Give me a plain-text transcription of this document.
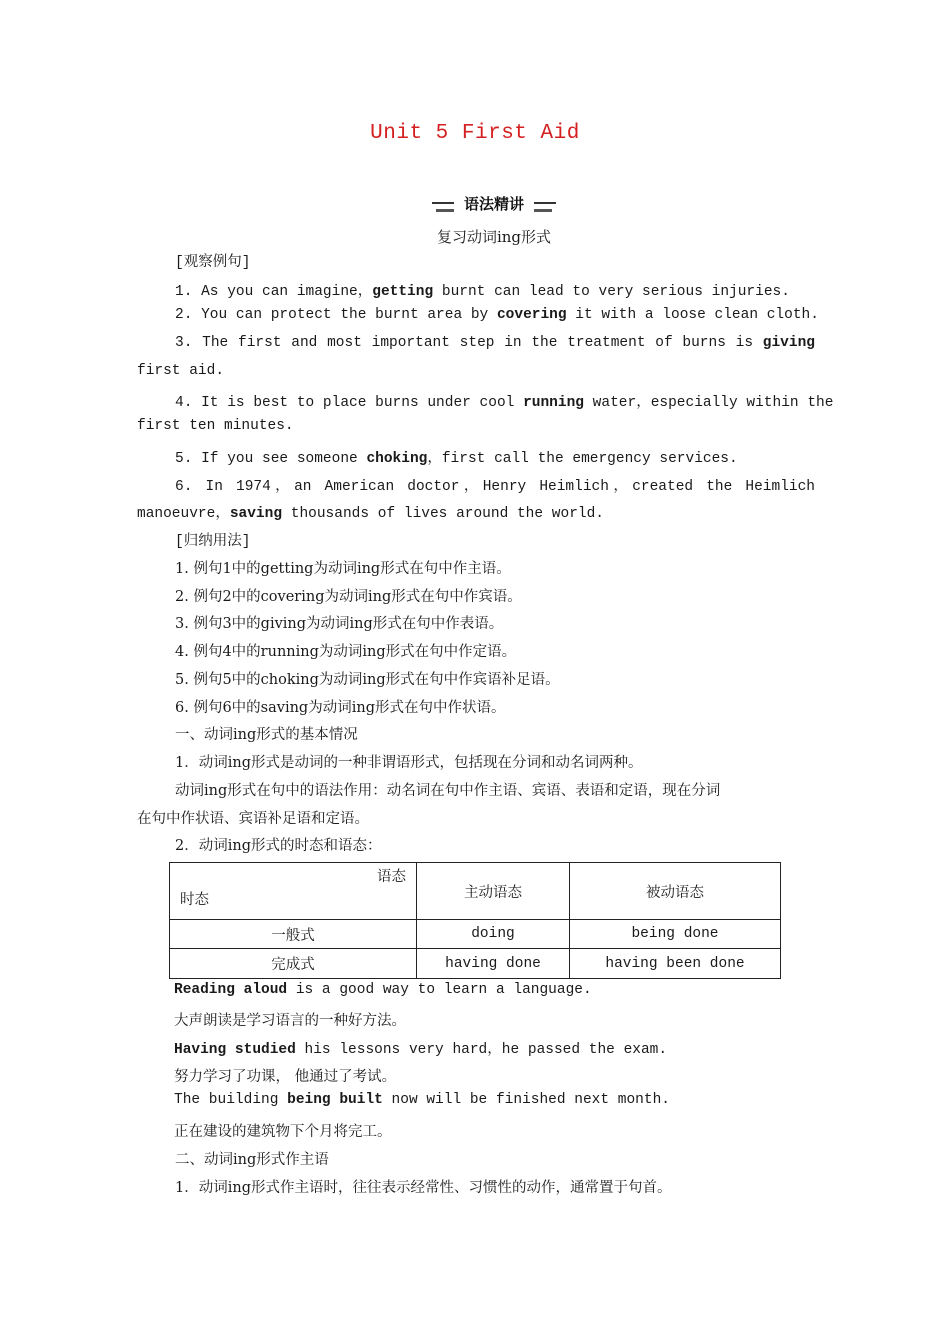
Unit 5 First Aid
语法精讲
复习动词ing形式
[观察例句]
1. As you can imagine，getting burnt can lead to very serious injuries.
2. You can protect the burnt area by covering it with a loose clean cloth.
3. The first and most important step in the treatment of burns is giving
first aid.
4. It is best to place burns under cool running water，especially within the
first ten minutes.
5. If you see someone choking，first call the emergency services.
6. In 1974，an American doctor，Henry Heimlich，created the Heimlich
manoeuvre，saving thousands of lives around the world.
[归纳用法]
1. 例句1中的getting为动词ing形式在句中作主语。
2. 例句2中的covering为动词ing形式在句中作宾语。
3. 例句3中的giving为动词ing形式在句中作表语。
4. 例句4中的running为动词ing形式在句中作定语。
5. 例句5中的choking为动词ing形式在句中作宾语补足语。
6. 例句6中的saving为动词ing形式在句中作状语。
一、动词ing形式的基本情况
1．动词ing形式是动词的一种非谓语形式，包括现在分词和动名词两种。
动词ing形式在句中的语法作用：动名词在句中作主语、宾语、表语和定语，现在分词
在句中作状语、宾语补足语和定语。
2．动词ing形式的时态和语态：
语态
时态	主动语态	被动语态
一般式	doing	being done
完成式	having done	having been done
Reading aloud is a good way to learn a language.
大声朗读是学习语言的一种好方法。
Having studied his lessons very hard，he passed the exam.
努力学习了功课， 他通过了考试。
The building being built now will be finished next month.
正在建设的建筑物下个月将完工。
二、动词ing形式作主语
1．动词ing形式作主语时，往往表示经常性、习惯性的动作，通常置于句首。
